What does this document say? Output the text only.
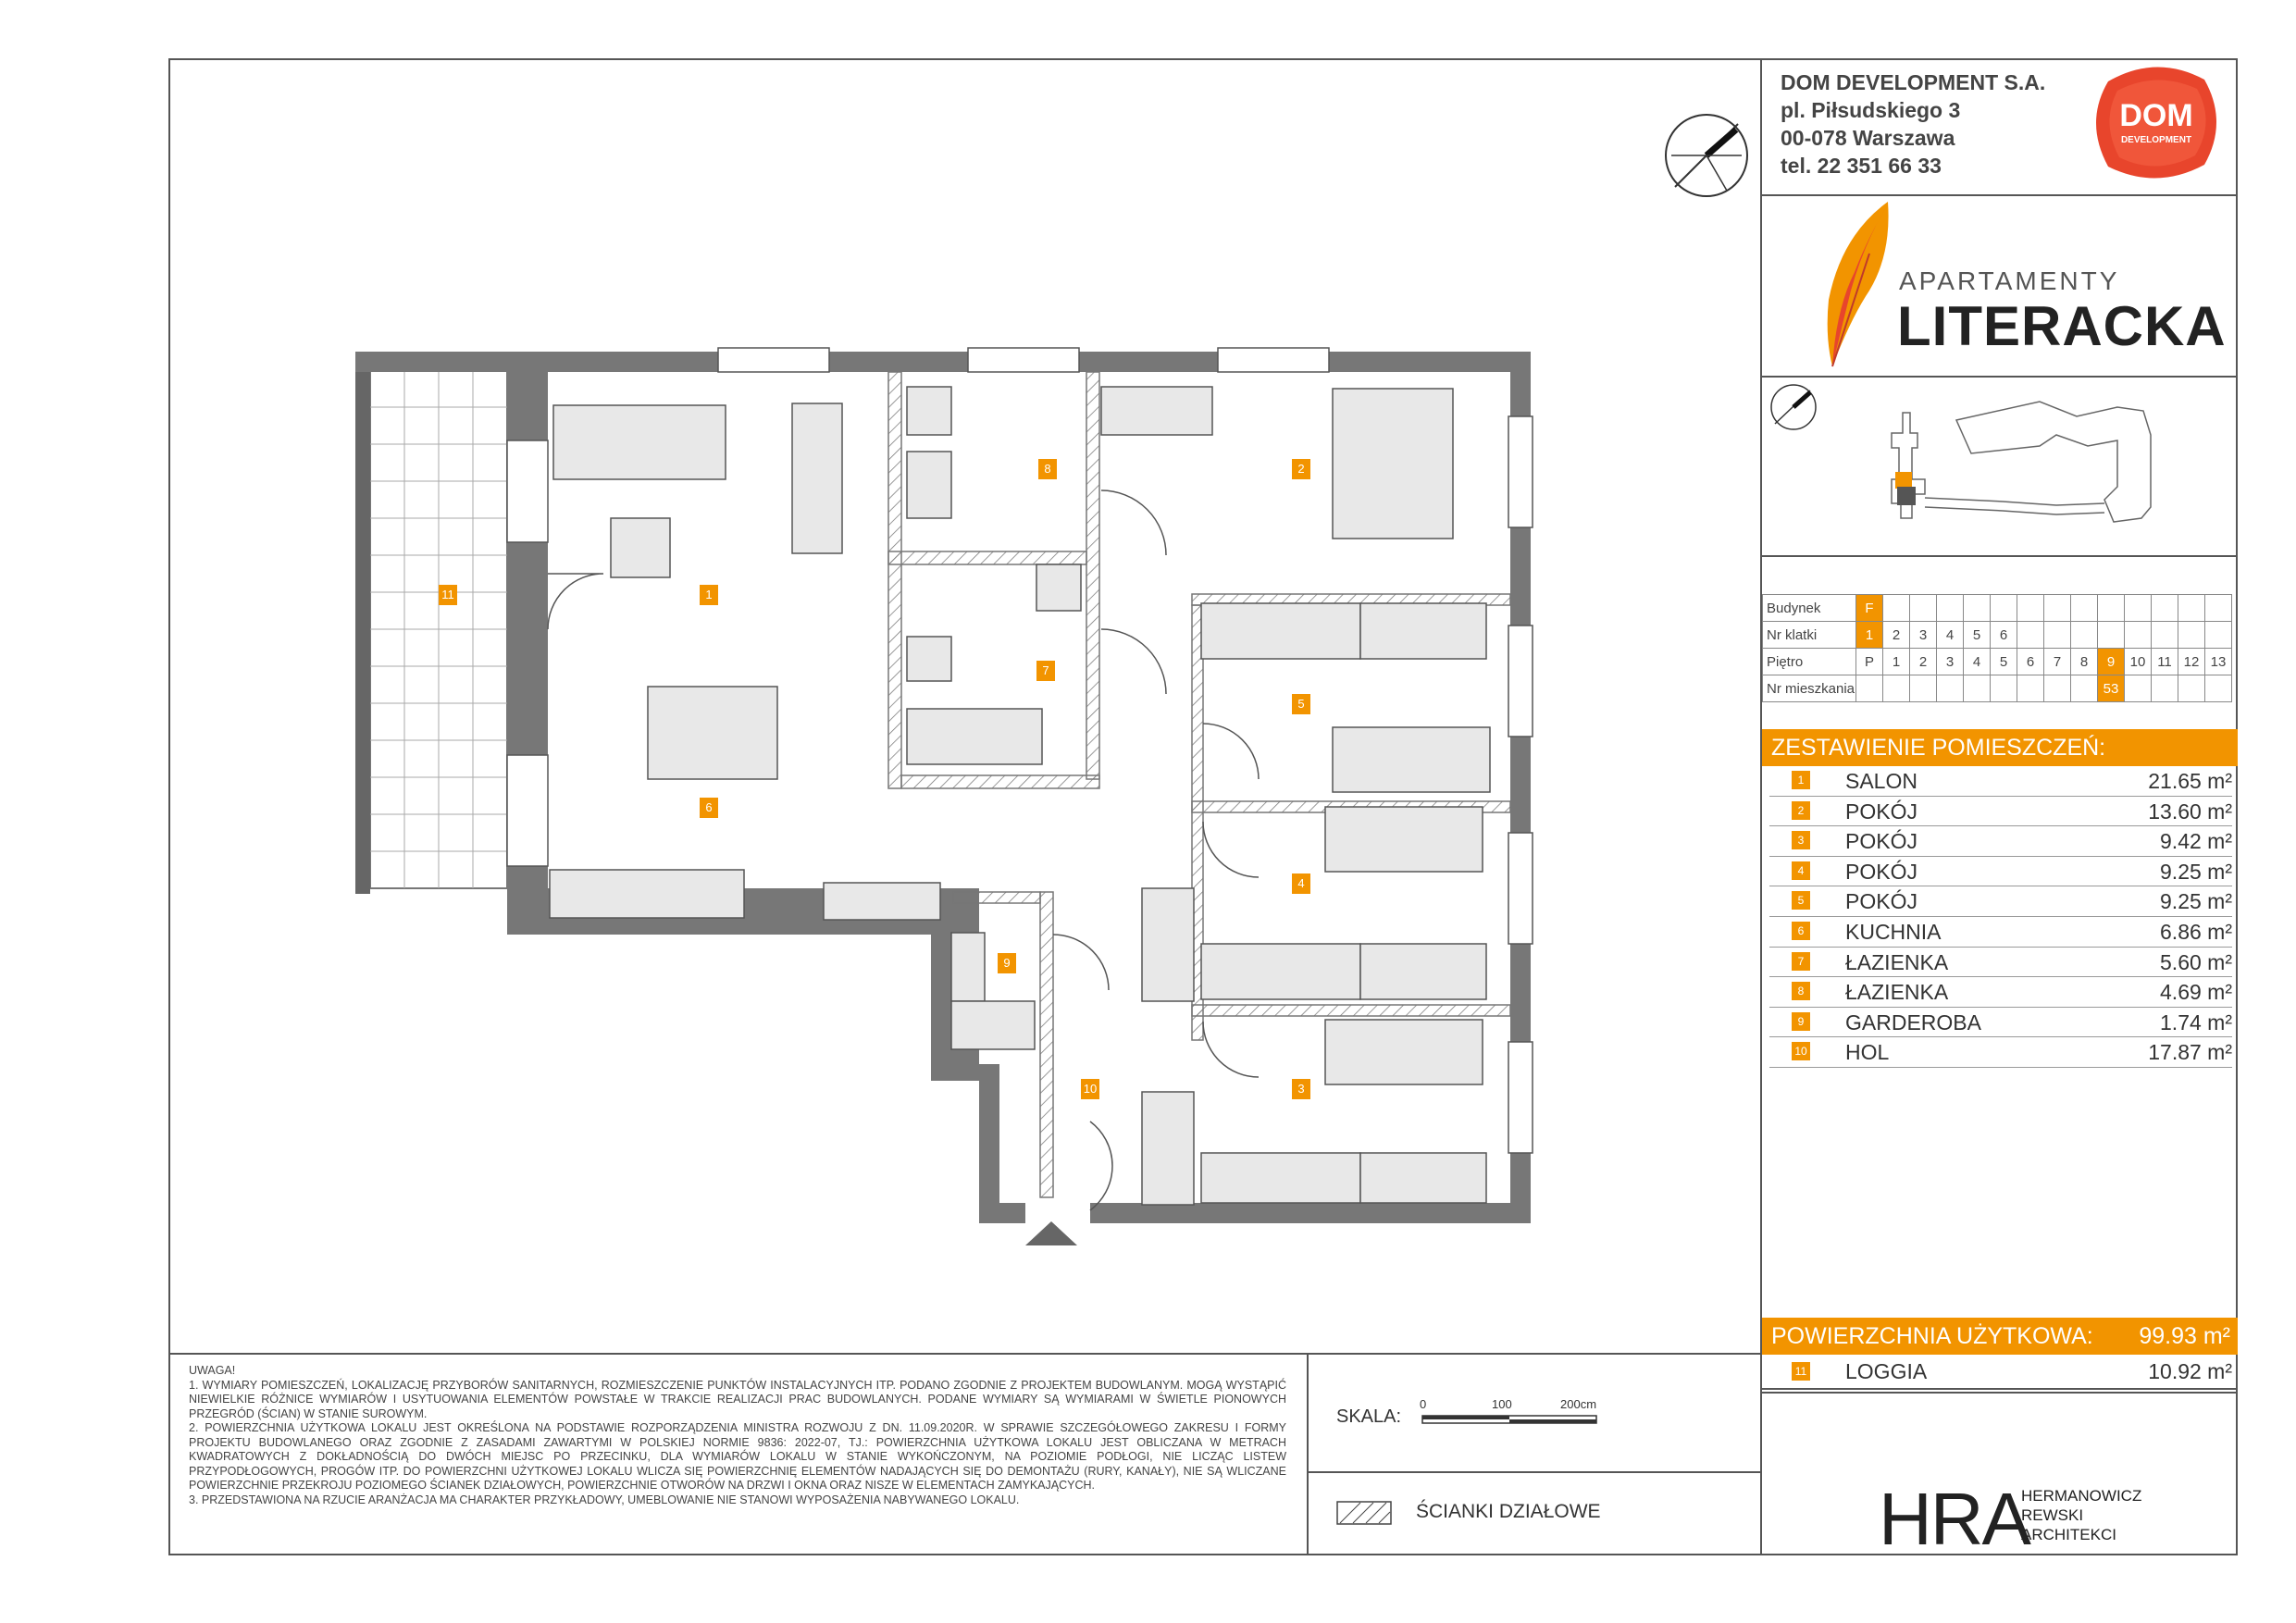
DOM DEVELOPMENT S.A.
pl. Piłsudskiego 3
00-078 Warszawa
tel. 22 351 66 33
DOM
DEVELOPMENT
APARTAMENTY
LITERACKA
Budynek	F													
Nr klatki	1	2	3	4	5	6								
Piętro	P	1	2	3	4	5	6	7	8	9	10	11	12	13
Nr mieszkania										53				
ZESTAWIENIE POMIESZCZEŃ:
1 SALON	21.65 m²
2 POKÓJ	13.60 m²
3 POKÓJ	9.42 m²
4 POKÓJ	9.25 m²
5 POKÓJ	9.25 m²
6 KUCHNIA	6.86 m²
7 ŁAZIENKA	5.60 m²
8 ŁAZIENKA	4.69 m²
9 GARDEROBA	1.74 m²
10 HOL	17.87 m²
POWIERZCHNIA UŻYTKOWA: 99.93 m²
11 LOGGIA	10.92 m²

UWAGA!

1. WYMIARY POMIESZCZEŃ, LOKALIZACJĘ PRZYBORÓW SANITARNYCH, ROZMIESZCZENIE PUNKTÓW INSTALACYJNYCH ITP. PODANO ZGODNIE Z PROJEKTEM BUDOWLANYM. MOGĄ WYSTĄPIĆ NIEWIELKIE RÓŻNICE WYMIARÓW I USYTUOWANIA ELEMENTÓW POWSTAŁE W TRAKCIE REALIZACJI PRAC BUDOWLANYCH. PODANE WYMIARY SĄ WYMIARAMI W ŚWIETLE PIONOWYCH PRZEGRÓD (ŚCIAN) W STANIE SUROWYM.

2. POWIERZCHNIA UŻYTKOWA LOKALU JEST OKREŚLONA NA PODSTAWIE ROZPORZĄDZENIA MINISTRA ROZWOJU Z DN. 11.09.2020R. W SPRAWIE SZCZEGÓŁOWEGO ZAKRESU I FORMY PROJEKTU BUDOWLANEGO ORAZ ZGODNIE Z ZASADAMI ZAWARTYMI W POLSKIEJ NORMIE 9836: 2022-07, TJ.: POWIERZCHNIA UŻYTKOWA LOKALU JEST OBLICZANA W METRACH KWADRATOWYCH Z DOKŁADNOŚCIĄ DO DWÓCH MIEJSC PO PRZECINKU, DLA WYMIARÓW LOKALU W STANIE WYKOŃCZONYM, NA POZIOMIE PODŁOGI, NIE LICZĄC LISTEW PRZYPODŁOGOWYCH, PROGÓW ITP. DO POWIERZCHNI UŻYTKOWEJ LOKALU WLICZA SIĘ POWIERZCHNIĘ ELEMENTÓW NADAJĄCYCH SIĘ DO DEMONTAŻU (RURY, KANAŁY), NIE SĄ WLICZANE POWIERZCHNIE PRZEKROJU POZIOMEGO ŚCIANEK DZIAŁOWYCH, POWIERZCHNIE OTWORÓW NA DRZWI I OKNA ORAZ NISZE W ELEMENTACH ZAMYKAJĄCYCH.

3. PRZEDSTAWIONA NA RZUCIE ARANŻACJA MA CHARAKTER PRZYKŁADOWY, UMEBLOWANIE NIE STANOWI WYPOSAŻENIA NABYWANEGO LOKALU.

SKALA:
0	100	200cm
ŚCIANKI DZIAŁOWE	HRA
HERMANOWICZ
REWSKI
ARCHITEKCI
1
2
3
4
5
6
7
8
9
10
11
